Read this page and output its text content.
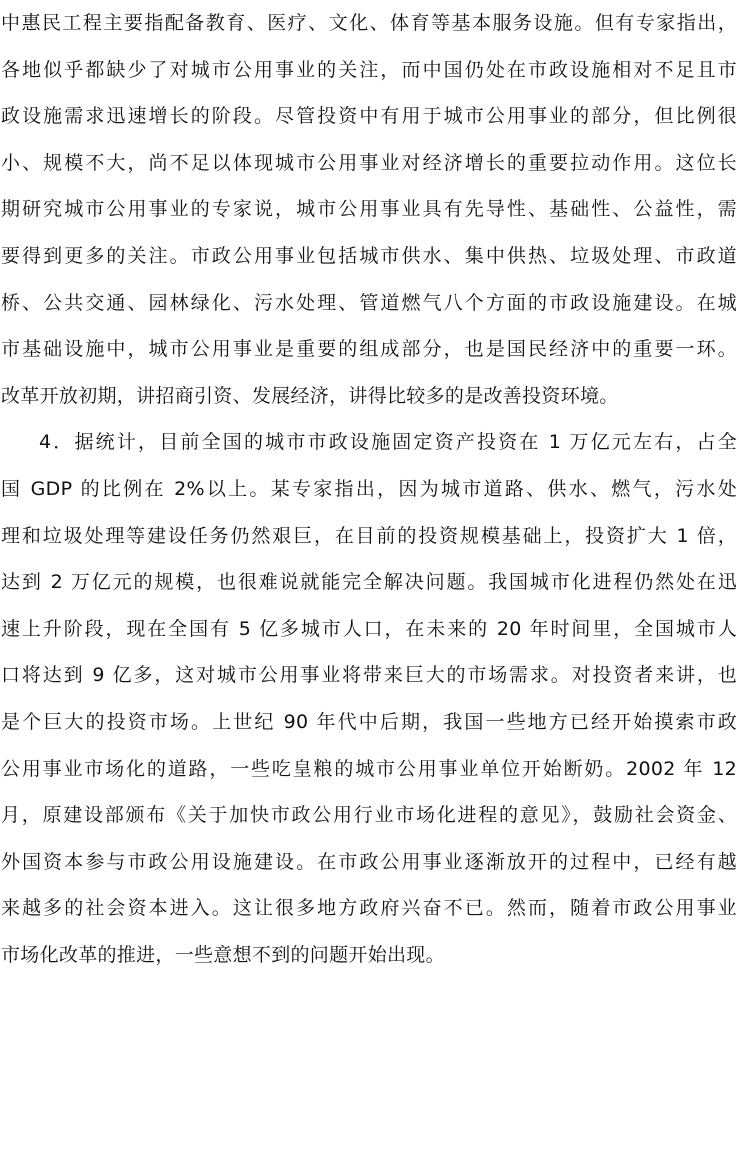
中惠民工程主要指配备教育、医疗、文化、体育等基本服务设施。但有专家指出，
各地似乎都缺少了对城市公用事业的关注，而中国仍处在市政设施相对不足且市
政设施需求迅速增长的阶段。尽管投资中有用于城市公用事业的部分，但比例很
小、规模不大，尚不足以体现城市公用事业对经济增长的重要拉动作用。这位长
期研究城市公用事业的专家说，城市公用事业具有先导性、基础性、公益性，需
要得到更多的关注。市政公用事业包括城市供水、集中供热、垃圾处理、市政道
桥、公共交通、园林绿化、污水处理、管道燃气八个方面的市政设施建设。在城
市基础设施中，城市公用事业是重要的组成部分，也是国民经济中的重要一环。
改革开放初期，讲招商引资、发展经济，讲得比较多的是改善投资环境。
4．据统计，目前全国的城市市政设施固定资产投资在 1 万亿元左右，占全
国 GDP 的比例在 2%以上。某专家指出，因为城市道路、供水、燃气，污水处
理和垃圾处理等建设任务仍然艰巨，在目前的投资规模基础上，投资扩大 1 倍，
达到 2 万亿元的规模，也很难说就能完全解决问题。我国城市化进程仍然处在迅
速上升阶段，现在全国有 5 亿多城市人口，在未来的 20 年时间里，全国城市人
口将达到 9 亿多，这对城市公用事业将带来巨大的市场需求。对投资者来讲，也
是个巨大的投资市场。上世纪 90 年代中后期，我国一些地方已经开始摸索市政
公用事业市场化的道路，一些吃皇粮的城市公用事业单位开始断奶。2002 年 12
月，原建设部颁布《关于加快市政公用行业市场化进程的意见》，鼓励社会资金、
外国资本参与市政公用设施建设。在市政公用事业逐渐放开的过程中，已经有越
来越多的社会资本进入。这让很多地方政府兴奋不已。然而，随着市政公用事业
市场化改革的推进，一些意想不到的问题开始出现。
